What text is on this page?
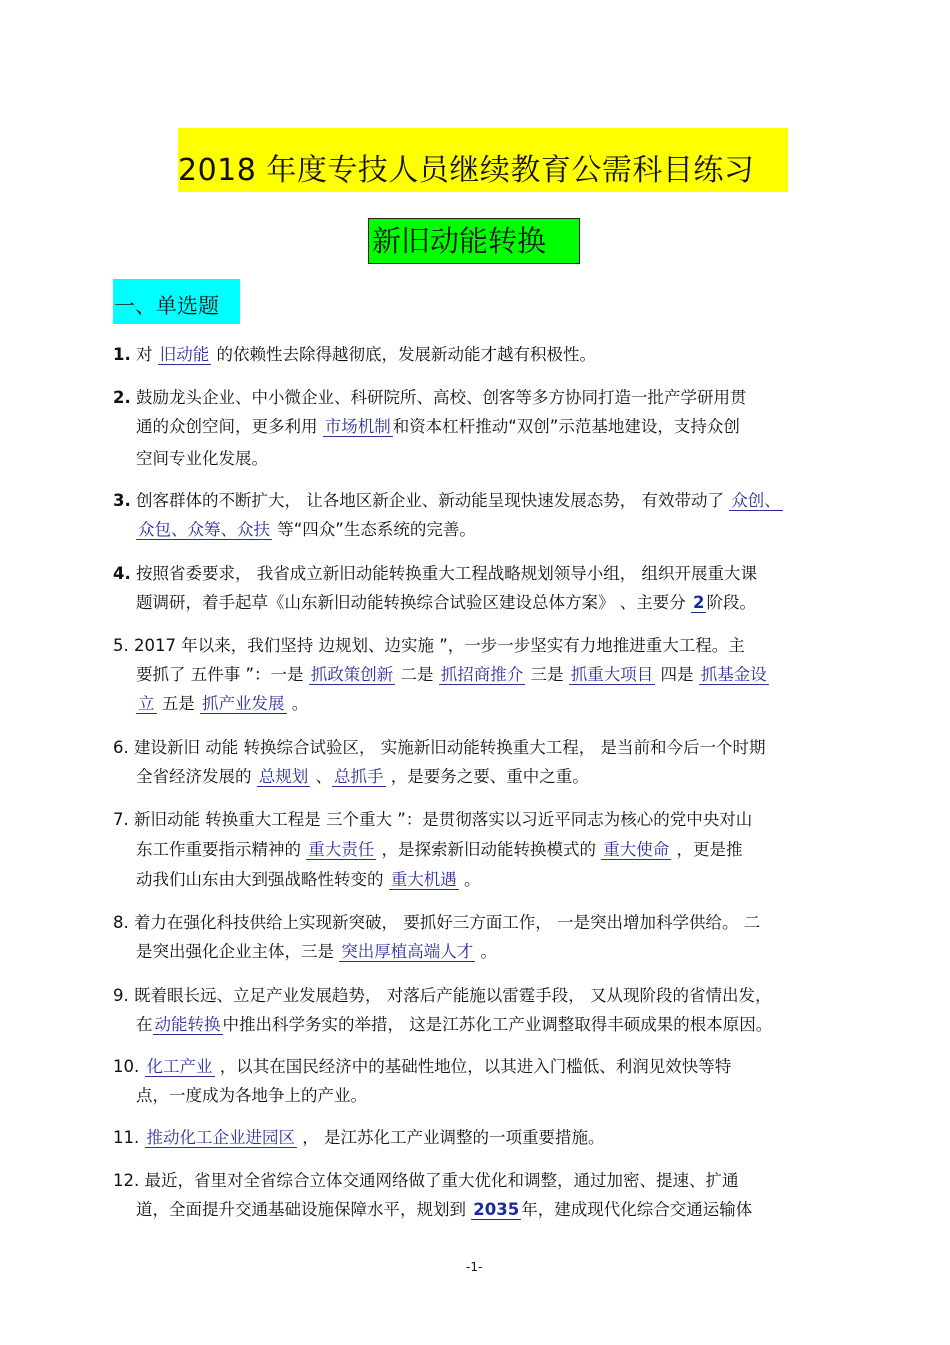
2018 年度专技人员继续教育公需科目练习
新旧动能转换
一、单选题
1. 对 旧动能 的依赖性去除得越彻底，发展新动能才越有积极性。
2. 鼓励龙头企业、中小微企业、科研院所、高校、创客等多方协同打造一批产学研用贯
通的众创空间，更多利用 市场机制 和资本杠杆推动“双创”示范基地建设，支持众创
空间专业化发展。
3. 创客群体的不断扩大， 让各地区新企业、新动能呈现快速发展态势， 有效带动了 众创、
众包、众筹、众扶 等“四众”生态系统的完善。
4. 按照省委要求， 我省成立新旧动能转换重大工程战略规划领导小组， 组织开展重大课
题调研，着手起草《山东新旧动能转换综合试验区建设总体方案》 、主要分 2 阶段。
5. 2017 年以来，我们坚持 边规划、边实施 ”，一步一步坚实有力地推进重大工程。主
要抓了 五件事 ”：一是 抓政策创新 二是 抓招商推介 三是 抓重大项目 四是 抓基金设
立 五是 抓产业发展 。
6. 建设新旧 动能 转换综合试验区， 实施新旧动能转换重大工程， 是当前和今后一个时期
全省经济发展的 总规划 、 总抓手 ，是要务之要、重中之重。
7. 新旧动能 转换重大工程是 三个重大 ”：是贯彻落实以习近平同志为核心的党中央对山
东工作重要指示精神的 重大责任 ，是探索新旧动能转换模式的 重大使命 ，更是推
动我们山东由大到强战略性转变的 重大机遇 。
8. 着力在强化科技供给上实现新突破， 要抓好三方面工作， 一是突出增加科学供给。 二
是突出强化企业主体，三是 突出厚植高端人才 。
9. 既着眼长远、立足产业发展趋势， 对落后产能施以雷霆手段， 又从现阶段的省情出发，
在 动能转换 中推出科学务实的举措， 这是江苏化工产业调整取得丰硕成果的根本原因。
10. 化工产业 ，以其在国民经济中的基础性地位，以其进入门槛低、利润见效快等特
点，一度成为各地争上的产业。
11. 推动化工企业进园区 ， 是江苏化工产业调整的一项重要措施。
12. 最近，省里对全省综合立体交通网络做了重大优化和调整，通过加密、提速、扩通
道，全面提升交通基础设施保障水平，规划到 2035 年，建成现代化综合交通运输体
-1-
